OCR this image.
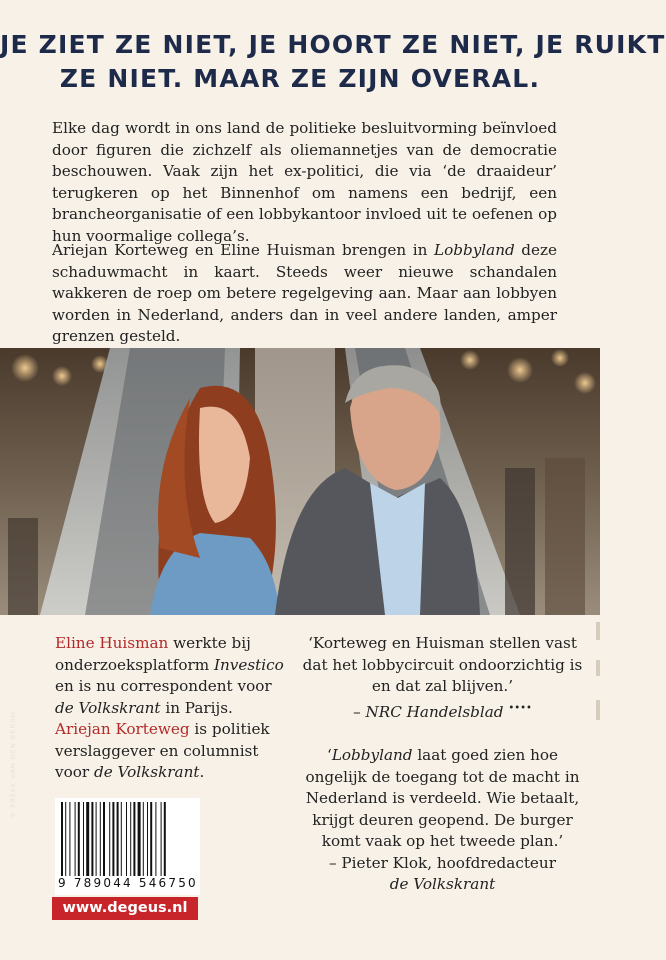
JE ZIET ZE NIET, JE HOORT ZE NIET, JE RUIKT
ZE NIET. MAAR ZE ZIJN OVERAL.
Elke dag wordt in ons land de politieke besluitvorming beïnvloed door figuren die zichzelf als oliemannetjes van de democratie beschouwen. Vaak zijn het ex-politici, die via ‘de draaideur’ terugkeren op het Binnenhof om namens een bedrijf, een brancheorganisatie of een lobbykantoor invloed uit te oefenen op hun voormalige collega’s.
Ariejan Korteweg en Eline Huisman brengen in Lobbyland deze schaduwmacht in kaart. Steeds weer nieuwe schandalen wakkeren de roep om betere regelgeving aan. Maar aan lobbyen worden in Nederland, anders dan in veel andere landen, amper grenzen gesteld.
© FREEK VAN DEN BERGH
Eline Huisman werkte bij onderzoeksplatform Investico en is nu correspondent voor de Volkskrant in Parijs.
Ariejan Korteweg is politiek verslaggever en columnist voor de Volkskrant.
‘Korteweg en Huisman stellen vast dat het lobbycircuit ondoorzichtig is en dat zal blijven.’
– NRC Handelsblad ••••
‘Lobbyland laat goed zien hoe ongelijk de toegang tot de macht in Nederland is verdeeld. Wie betaalt, krijgt deuren geopend. De burger komt vaak op het tweede plan.’
– Pieter Klok, hoofdredacteur
de Volkskrant
9 789044 546750
www.degeus.nl
